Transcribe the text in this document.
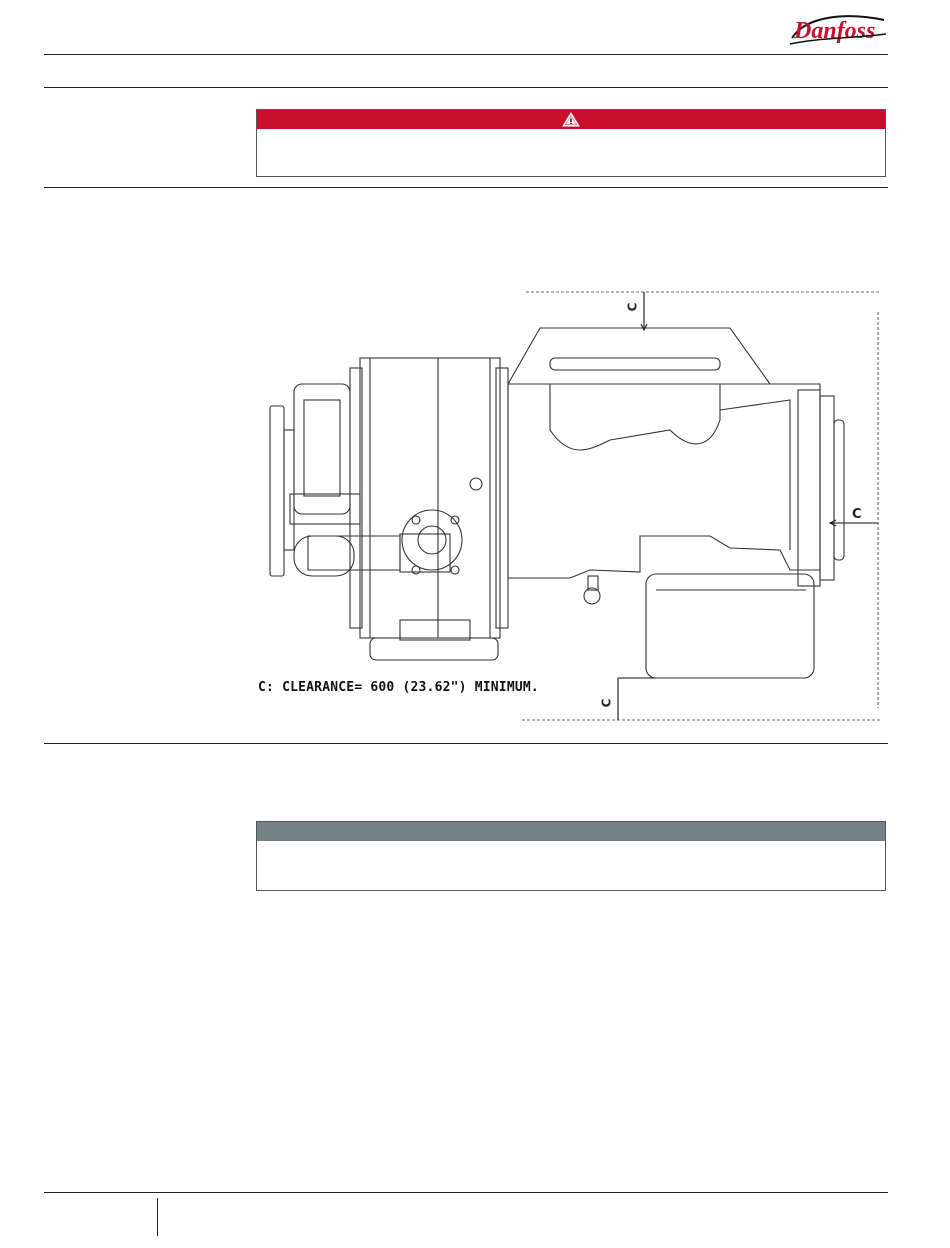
Danfoss
C
C
C
C: CLEARANCE= 600 (23.62") MINIMUM.
